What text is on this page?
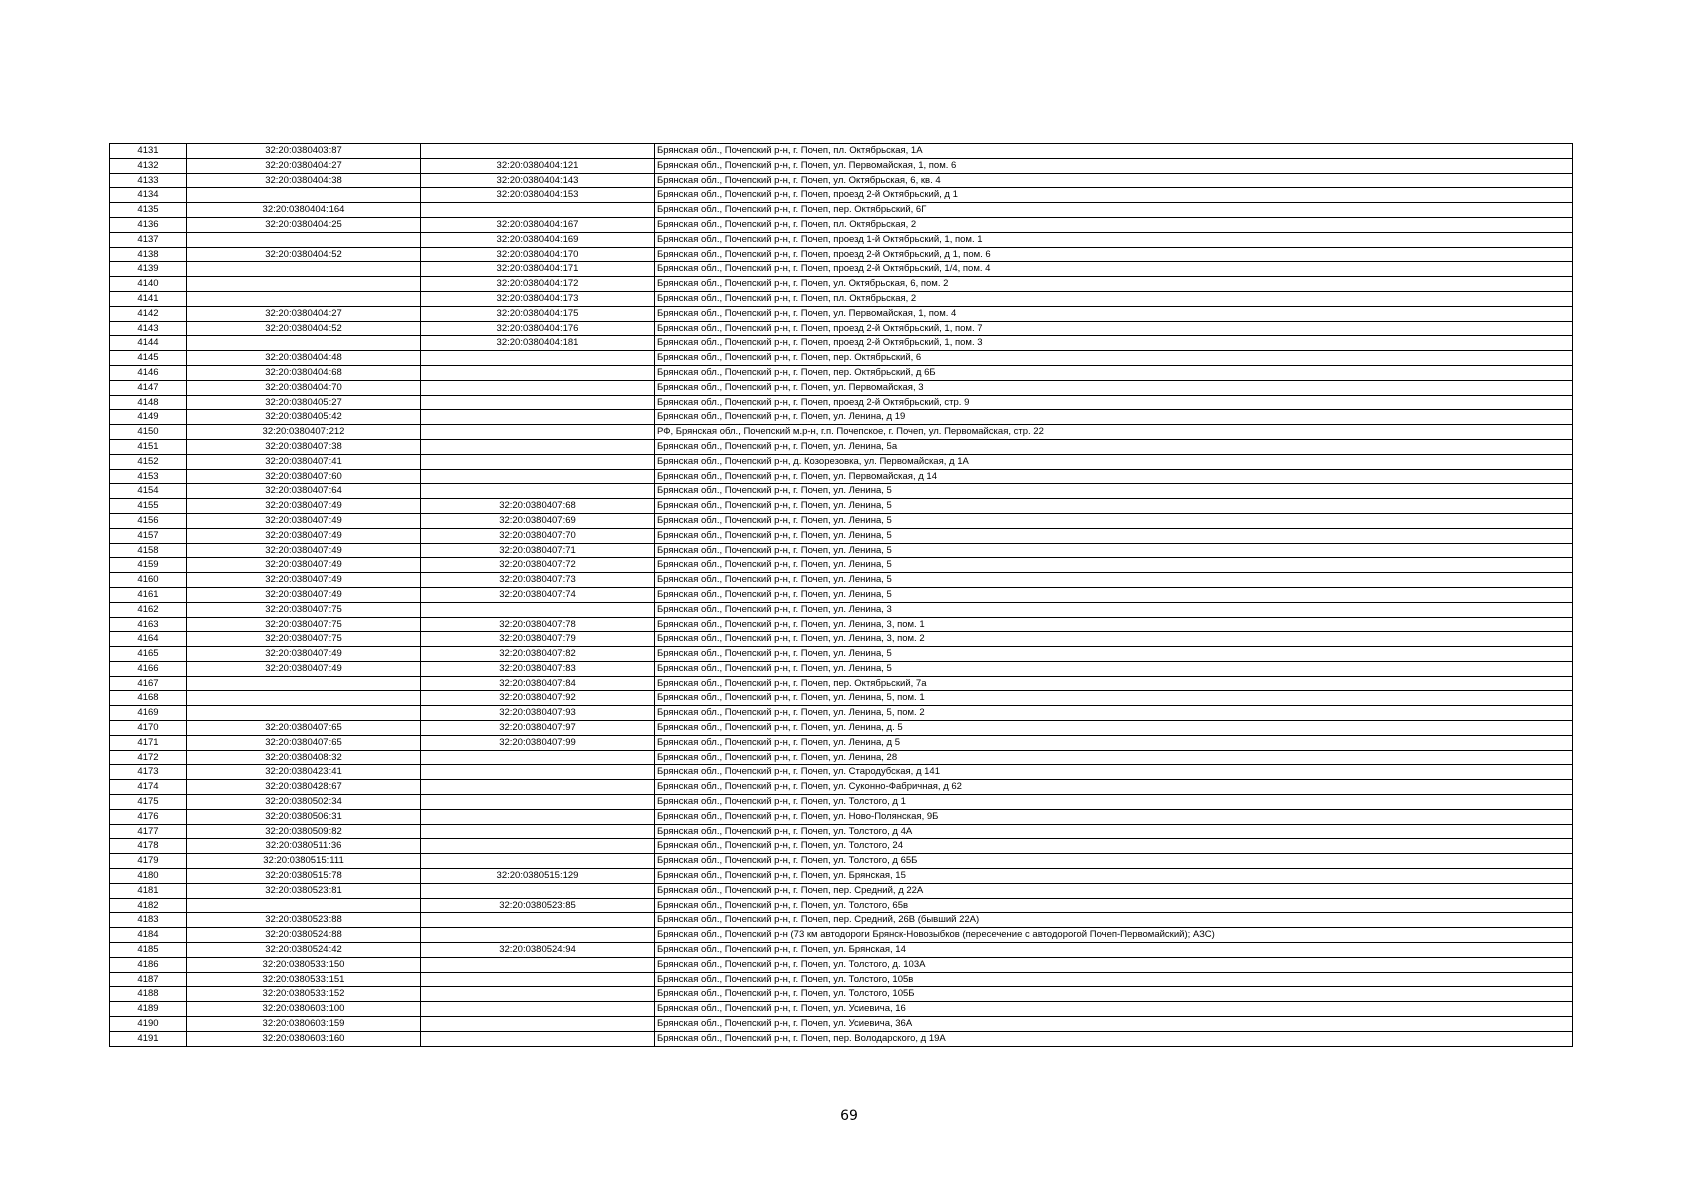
4131	32:20:0380403:87		Брянская обл., Почепский р-н, г. Почеп, пл. Октябрьская, 1А
4132	32:20:0380404:27	32:20:0380404:121	Брянская обл., Почепский р-н, г. Почеп, ул. Первомайская, 1, пом. 6
4133	32:20:0380404:38	32:20:0380404:143	Брянская обл., Почепский р-н, г. Почеп, ул. Октябрьская, 6, кв. 4
4134		32:20:0380404:153	Брянская обл., Почепский р-н, г. Почеп, проезд 2-й Октябрьский, д 1
4135	32:20:0380404:164		Брянская обл., Почепский р-н, г. Почеп, пер. Октябрьский, 6Г
4136	32:20:0380404:25	32:20:0380404:167	Брянская обл., Почепский р-н, г. Почеп, пл. Октябрьская, 2
4137		32:20:0380404:169	Брянская обл., Почепский р-н, г. Почеп, проезд 1-й Октябрьский, 1, пом. 1
4138	32:20:0380404:52	32:20:0380404:170	Брянская обл., Почепский р-н, г. Почеп, проезд 2-й Октябрьский, д 1, пом. 6
4139		32:20:0380404:171	Брянская обл., Почепский р-н, г. Почеп, проезд 2-й Октябрьский, 1/4, пом. 4
4140		32:20:0380404:172	Брянская обл., Почепский р-н, г. Почеп, ул. Октябрьская, 6, пом. 2
4141		32:20:0380404:173	Брянская обл., Почепский р-н, г. Почеп, пл. Октябрьская, 2
4142	32:20:0380404:27	32:20:0380404:175	Брянская обл., Почепский р-н, г. Почеп, ул. Первомайская, 1, пом. 4
4143	32:20:0380404:52	32:20:0380404:176	Брянская обл., Почепский р-н, г. Почеп, проезд 2-й Октябрьский, 1, пом. 7
4144		32:20:0380404:181	Брянская обл., Почепский р-н, г. Почеп, проезд 2-й Октябрьский, 1, пом. 3
4145	32:20:0380404:48		Брянская обл., Почепский р-н, г. Почеп, пер. Октябрьский, 6
4146	32:20:0380404:68		Брянская обл., Почепский р-н, г. Почеп, пер. Октябрьский, д 6Б
4147	32:20:0380404:70		Брянская обл., Почепский р-н, г. Почеп, ул. Первомайская, 3
4148	32:20:0380405:27		Брянская обл., Почепский р-н, г. Почеп, проезд 2-й Октябрьский, стр. 9
4149	32:20:0380405:42		Брянская обл., Почепский р-н, г. Почеп, ул. Ленина, д 19
4150	32:20:0380407:212		РФ, Брянская обл., Почепский м.р-н, г.п. Почепское, г. Почеп, ул. Первомайская, стр. 22
4151	32:20:0380407:38		Брянская обл., Почепский р-н, г. Почеп, ул. Ленина, 5а
4152	32:20:0380407:41		Брянская обл., Почепский р-н, д. Козорезовка, ул. Первомайская, д 1А
4153	32:20:0380407:60		Брянская обл., Почепский р-н, г. Почеп, ул. Первомайская, д 14
4154	32:20:0380407:64		Брянская обл., Почепский р-н, г. Почеп, ул. Ленина, 5
4155	32:20:0380407:49	32:20:0380407:68	Брянская обл., Почепский р-н, г. Почеп, ул. Ленина, 5
4156	32:20:0380407:49	32:20:0380407:69	Брянская обл., Почепский р-н, г. Почеп, ул. Ленина, 5
4157	32:20:0380407:49	32:20:0380407:70	Брянская обл., Почепский р-н, г. Почеп, ул. Ленина, 5
4158	32:20:0380407:49	32:20:0380407:71	Брянская обл., Почепский р-н, г. Почеп, ул. Ленина, 5
4159	32:20:0380407:49	32:20:0380407:72	Брянская обл., Почепский р-н, г. Почеп, ул. Ленина, 5
4160	32:20:0380407:49	32:20:0380407:73	Брянская обл., Почепский р-н, г. Почеп, ул. Ленина, 5
4161	32:20:0380407:49	32:20:0380407:74	Брянская обл., Почепский р-н, г. Почеп, ул. Ленина, 5
4162	32:20:0380407:75		Брянская обл., Почепский р-н, г. Почеп, ул. Ленина, 3
4163	32:20:0380407:75	32:20:0380407:78	Брянская обл., Почепский р-н, г. Почеп, ул. Ленина, 3, пом. 1
4164	32:20:0380407:75	32:20:0380407:79	Брянская обл., Почепский р-н, г. Почеп, ул. Ленина, 3, пом. 2
4165	32:20:0380407:49	32:20:0380407:82	Брянская обл., Почепский р-н, г. Почеп, ул. Ленина, 5
4166	32:20:0380407:49	32:20:0380407:83	Брянская обл., Почепский р-н, г. Почеп, ул. Ленина, 5
4167		32:20:0380407:84	Брянская обл., Почепский р-н, г. Почеп, пер. Октябрьский, 7а
4168		32:20:0380407:92	Брянская обл., Почепский р-н, г. Почеп, ул. Ленина, 5, пом. 1
4169		32:20:0380407:93	Брянская обл., Почепский р-н, г. Почеп, ул. Ленина, 5, пом. 2
4170	32:20:0380407:65	32:20:0380407:97	Брянская обл., Почепский р-н, г. Почеп, ул. Ленина, д. 5
4171	32:20:0380407:65	32:20:0380407:99	Брянская обл., Почепский р-н, г. Почеп, ул. Ленина, д 5
4172	32:20:0380408:32		Брянская обл., Почепский р-н, г. Почеп, ул. Ленина, 28
4173	32:20:0380423:41		Брянская обл., Почепский р-н, г. Почеп, ул. Стародубская, д 141
4174	32:20:0380428:67		Брянская обл., Почепский р-н, г. Почеп, ул. Суконно-Фабричная, д 62
4175	32:20:0380502:34		Брянская обл., Почепский р-н, г. Почеп, ул. Толстого, д 1
4176	32:20:0380506:31		Брянская обл., Почепский р-н, г. Почеп, ул. Ново-Полянская, 9Б
4177	32:20:0380509:82		Брянская обл., Почепский р-н, г. Почеп, ул. Толстого, д 4А
4178	32:20:0380511:36		Брянская обл., Почепский р-н, г. Почеп, ул. Толстого, 24
4179	32:20:0380515:111		Брянская обл., Почепский р-н, г. Почеп, ул. Толстого, д 65Б
4180	32:20:0380515:78	32:20:0380515:129	Брянская обл., Почепский р-н, г. Почеп, ул. Брянская, 15
4181	32:20:0380523:81		Брянская обл., Почепский р-н, г. Почеп, пер. Средний, д 22А
4182		32:20:0380523:85	Брянская обл., Почепский р-н, г. Почеп, ул. Толстого, 65в
4183	32:20:0380523:88		Брянская обл., Почепский р-н, г. Почеп, пер. Средний, 26В (бывший 22А)
4184	32:20:0380524:88		Брянская обл., Почепский р-н (73 км автодороги Брянск-Новозыбков (пересечение с автодорогой Почеп-Первомайский); АЗС)
4185	32:20:0380524:42	32:20:0380524:94	Брянская обл., Почепский р-н, г. Почеп, ул. Брянская, 14
4186	32:20:0380533:150		Брянская обл., Почепский р-н, г. Почеп, ул. Толстого, д. 103А
4187	32:20:0380533:151		Брянская обл., Почепский р-н, г. Почеп, ул. Толстого, 105в
4188	32:20:0380533:152		Брянская обл., Почепский р-н, г. Почеп, ул. Толстого, 105Б
4189	32:20:0380603:100		Брянская обл., Почепский р-н, г. Почеп, ул. Усиевича, 16
4190	32:20:0380603:159		Брянская обл., Почепский р-н, г. Почеп, ул. Усиевича, 36А
4191	32:20:0380603:160		Брянская обл., Почепский р-н, г. Почеп, пер. Володарского, д 19А
69
